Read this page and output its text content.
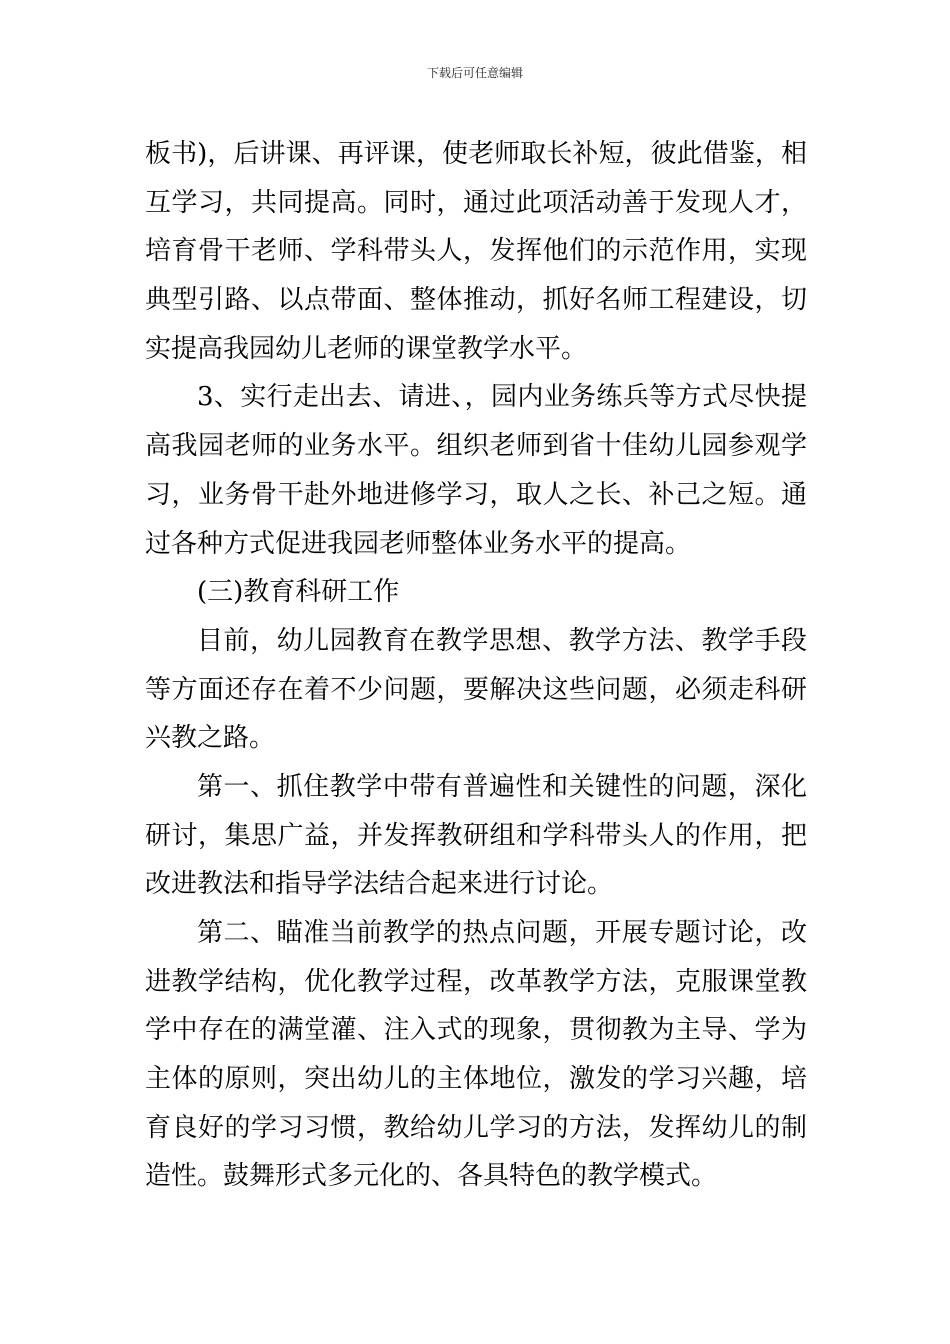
下载后可任意编辑
板书)，后讲课、再评课，使老师取长补短，彼此借鉴，相
互学习，共同提高。同时，通过此项活动善于发现人才，
培育骨干老师、学科带头人，发挥他们的示范作用，实现
典型引路、以点带面、整体推动，抓好名师工程建设，切
实提高我园幼儿老师的课堂教学水平。
3、实行走出去、请进、，园内业务练兵等方式尽快提
高我园老师的业务水平。组织老师到省十佳幼儿园参观学
习，业务骨干赴外地进修学习，取人之长、补己之短。通
过各种方式促进我园老师整体业务水平的提高。
(三)教育科研工作
目前，幼儿园教育在教学思想、教学方法、教学手段
等方面还存在着不少问题，要解决这些问题，必须走科研
兴教之路。
第一、抓住教学中带有普遍性和关键性的问题，深化
研讨，集思广益，并发挥教研组和学科带头人的作用，把
改进教法和指导学法结合起来进行讨论。
第二、瞄准当前教学的热点问题，开展专题讨论，改
进教学结构，优化教学过程，改革教学方法，克服课堂教
学中存在的满堂灌、注入式的现象，贯彻教为主导、学为
主体的原则，突出幼儿的主体地位，激发的学习兴趣，培
育良好的学习习惯，教给幼儿学习的方法，发挥幼儿的制
造性。鼓舞形式多元化的、各具特色的教学模式。
